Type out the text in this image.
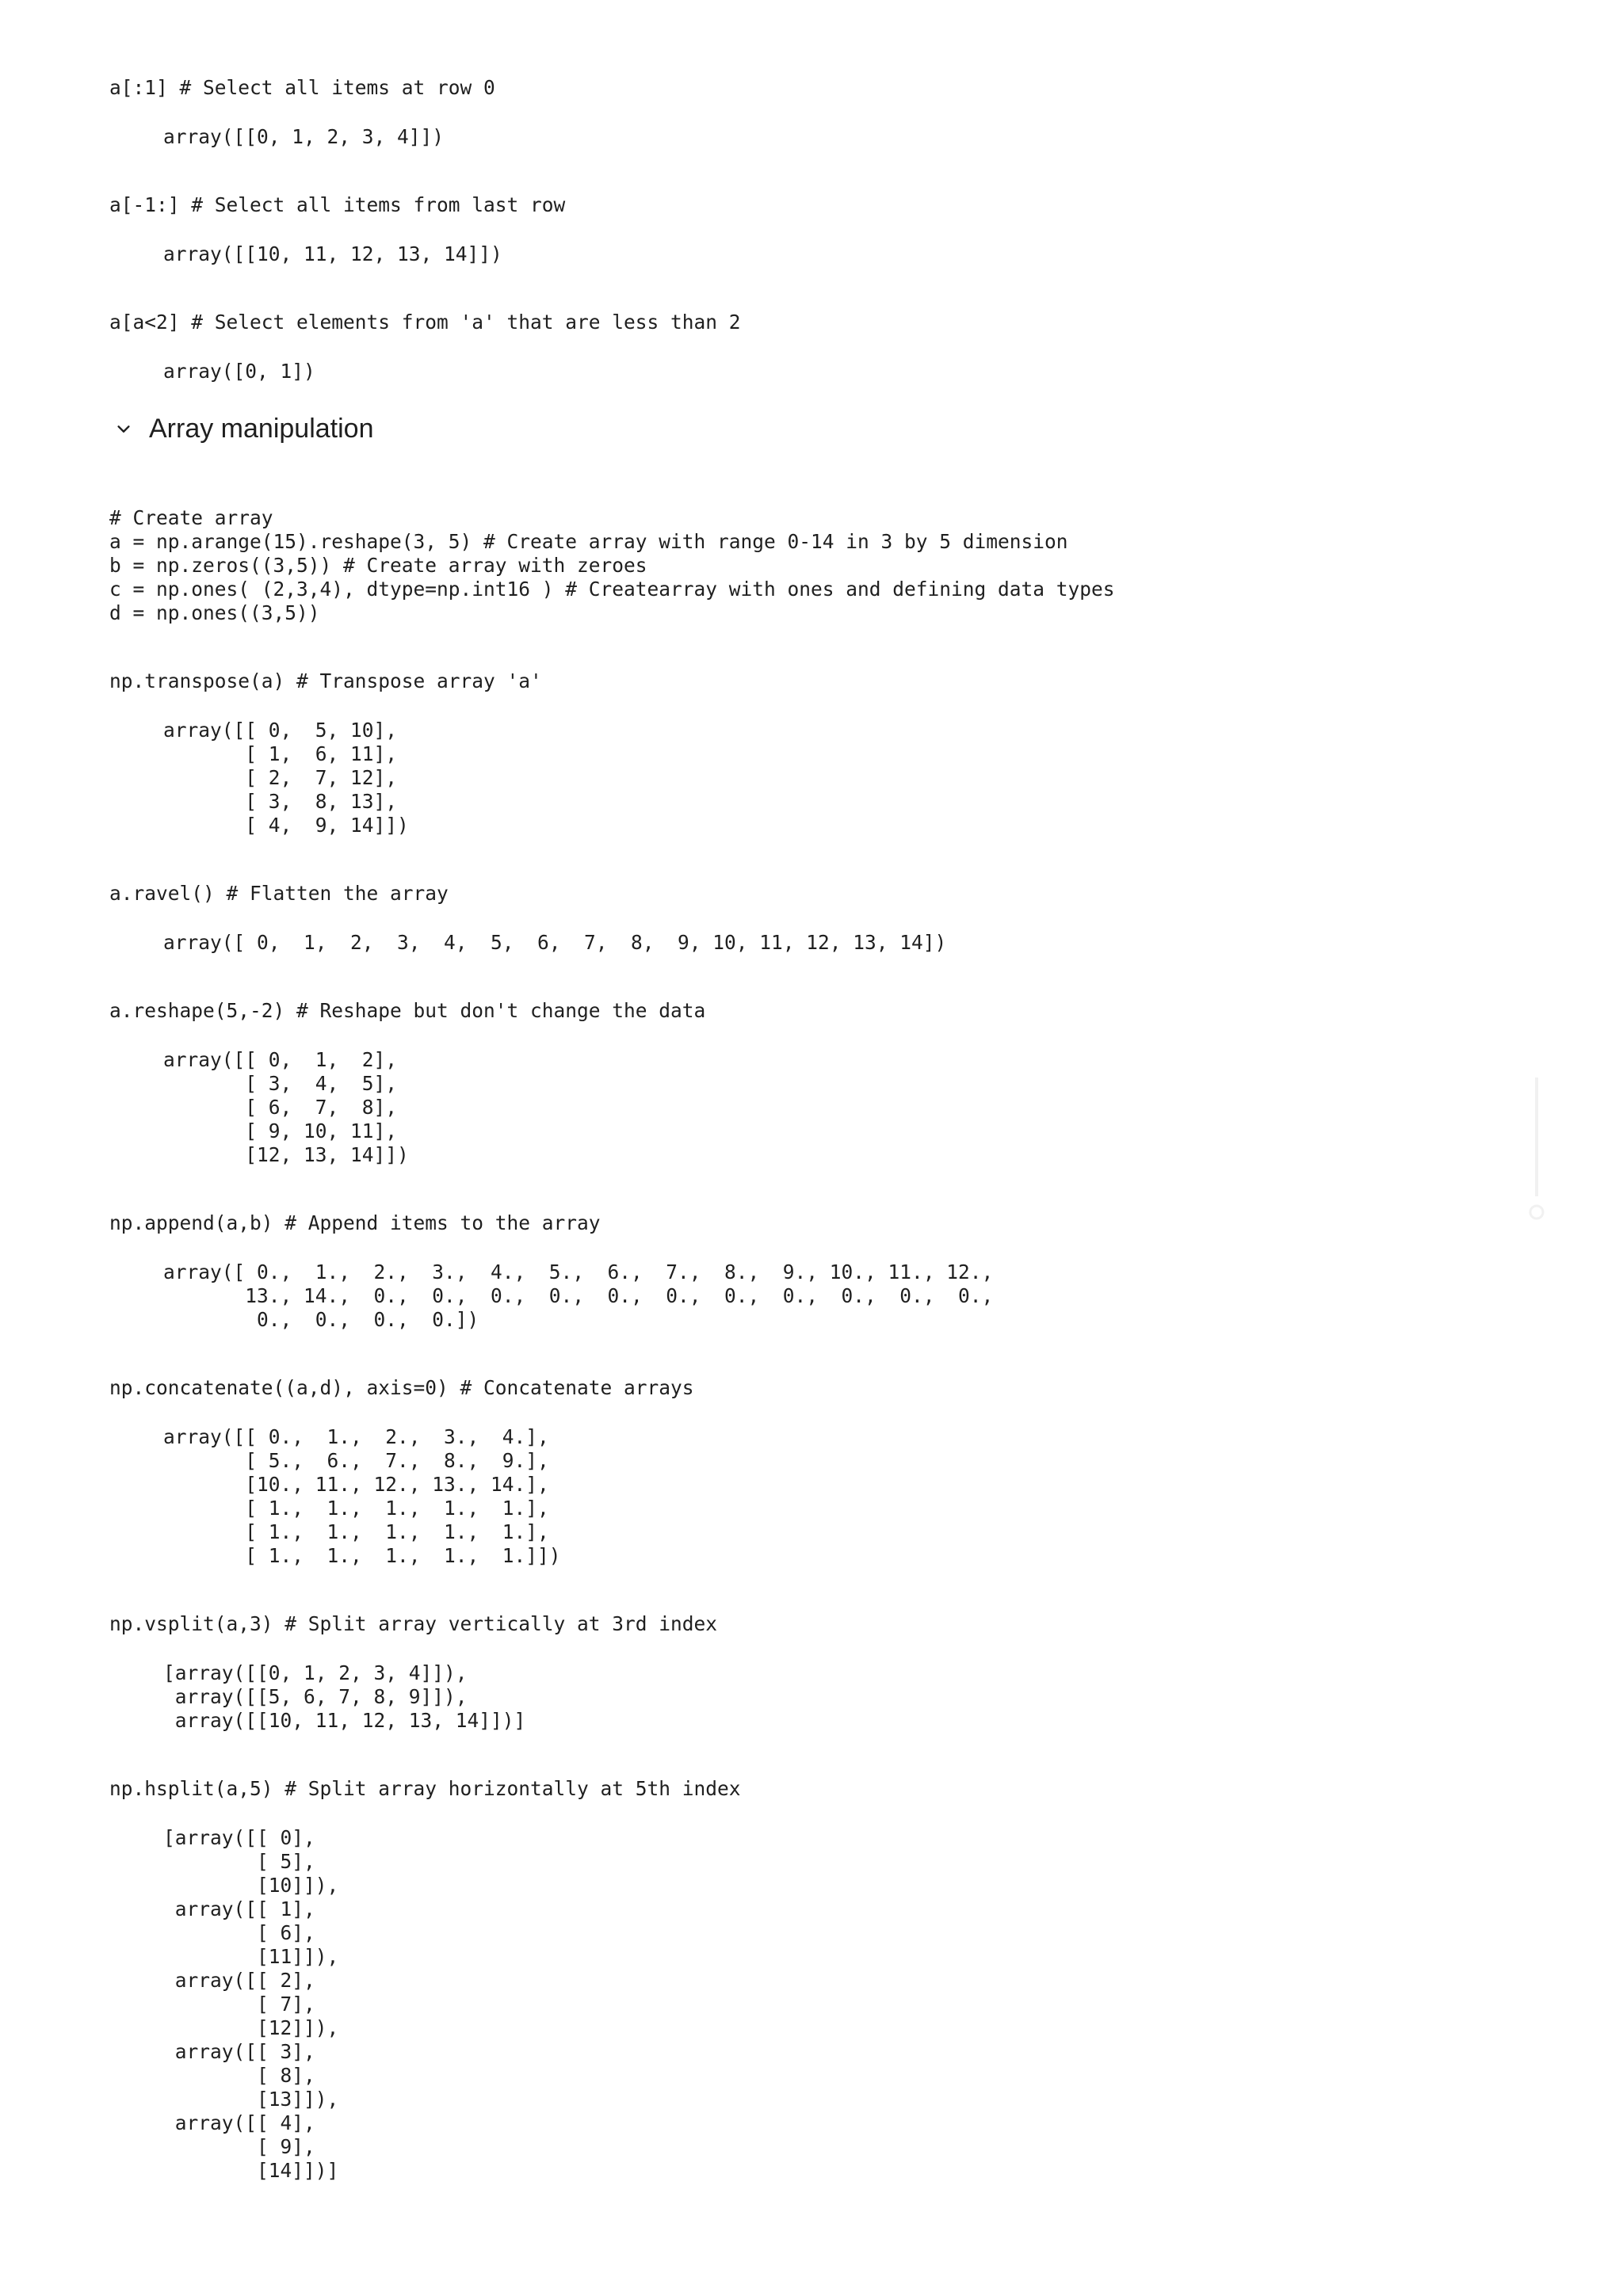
a[:1] # Select all items at row 0
array([[0, 1, 2, 3, 4]])
a[-1:] # Select all items from last row
array([[10, 11, 12, 13, 14]])
a[a<2] # Select elements from 'a' that are less than 2
array([0, 1])
Array manipulation
# Create array
a = np.arange(15).reshape(3, 5) # Create array with range 0-14 in 3 by 5 dimension
b = np.zeros((3,5)) # Create array with zeroes
c = np.ones( (2,3,4), dtype=np.int16 ) # Createarray with ones and defining data types
d = np.ones((3,5))
np.transpose(a) # Transpose array 'a'
array([[ 0,  5, 10],
[ 1,  6, 11],
[ 2,  7, 12],
[ 3,  8, 13],
[ 4,  9, 14]])
a.ravel() # Flatten the array
array([ 0,  1,  2,  3,  4,  5,  6,  7,  8,  9, 10, 11, 12, 13, 14])
a.reshape(5,-2) # Reshape but don't change the data
array([[ 0,  1,  2],
[ 3,  4,  5],
[ 6,  7,  8],
[ 9, 10, 11],
[12, 13, 14]])
np.append(a,b) # Append items to the array
array([ 0.,  1.,  2.,  3.,  4.,  5.,  6.,  7.,  8.,  9., 10., 11., 12.,
13., 14.,  0.,  0.,  0.,  0.,  0.,  0.,  0.,  0.,  0.,  0.,  0.,
0.,  0.,  0.,  0.])
np.concatenate((a,d), axis=0) # Concatenate arrays
array([[ 0.,  1.,  2.,  3.,  4.],
[ 5.,  6.,  7.,  8.,  9.],
[10., 11., 12., 13., 14.],
[ 1.,  1.,  1.,  1.,  1.],
[ 1.,  1.,  1.,  1.,  1.],
[ 1.,  1.,  1.,  1.,  1.]])
np.vsplit(a,3) # Split array vertically at 3rd index
[array([[0, 1, 2, 3, 4]]),
array([[5, 6, 7, 8, 9]]),
array([[10, 11, 12, 13, 14]])]
np.hsplit(a,5) # Split array horizontally at 5th index
[array([[ 0],
[ 5],
[10]]),
array([[ 1],
[ 6],
[11]]),
array([[ 2],
[ 7],
[12]]),
array([[ 3],
[ 8],
[13]]),
array([[ 4],
[ 9],
[14]])]
